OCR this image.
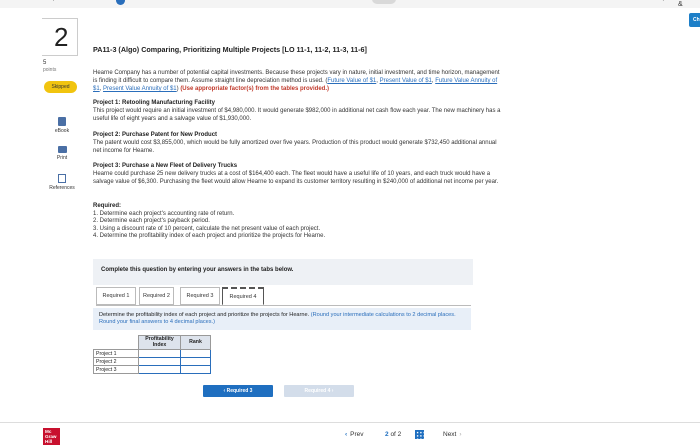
&
Ch
2
5
points
Skipped
eBook
Print
References
PA11-3 (Algo) Comparing, Prioritizing Multiple Projects [LO 11-1, 11-2, 11-3, 11-6]
Hearne Company has a number of potential capital investments. Because these projects vary in nature, initial investment, and time horizon, management is finding it difficult to compare them. Assume straight line depreciation method is used. (Future Value of $1, Present Value of $1, Future Value Annuity of $1, Present Value Annuity of $1) (Use appropriate factor(s) from the tables provided.)
Project 1: Retooling Manufacturing Facility
This project would require an initial investment of $4,980,000. It would generate $982,000 in additional net cash flow each year. The new machinery has a useful life of eight years and a salvage value of $1,930,000.
Project 2: Purchase Patent for New Product
The patent would cost $3,855,000, which would be fully amortized over five years. Production of this product would generate $732,450 additional annual net income for Hearne.
Project 3: Purchase a New Fleet of Delivery Trucks
Hearne could purchase 25 new delivery trucks at a cost of $164,400 each. The fleet would have a useful life of 10 years, and each truck would have a salvage value of $6,300. Purchasing the fleet would allow Hearne to expand its customer territory resulting in $240,000 of additional net income per year.
Required:
1. Determine each project's accounting rate of return.
2. Determine each project's payback period.
3. Using a discount rate of 10 percent, calculate the net present value of each project.
4. Determine the profitability index of each project and prioritize the projects for Hearne.
Complete this question by entering your answers in the tabs below.
Required 1	Required 2	Required 3	Required 4
Determine the profitability index of each project and prioritize the projects for Hearne. (Round your intermediate calculations to 2 decimal places. Round your final answers to 4 decimal places.)
	Profitability Index	Rank
Project 1		
Project 2		
Project 3		
‹ Required 3	Required 4 ›
Mc
Graw
Hill
‹ Prev	2 of 2	Next ›
